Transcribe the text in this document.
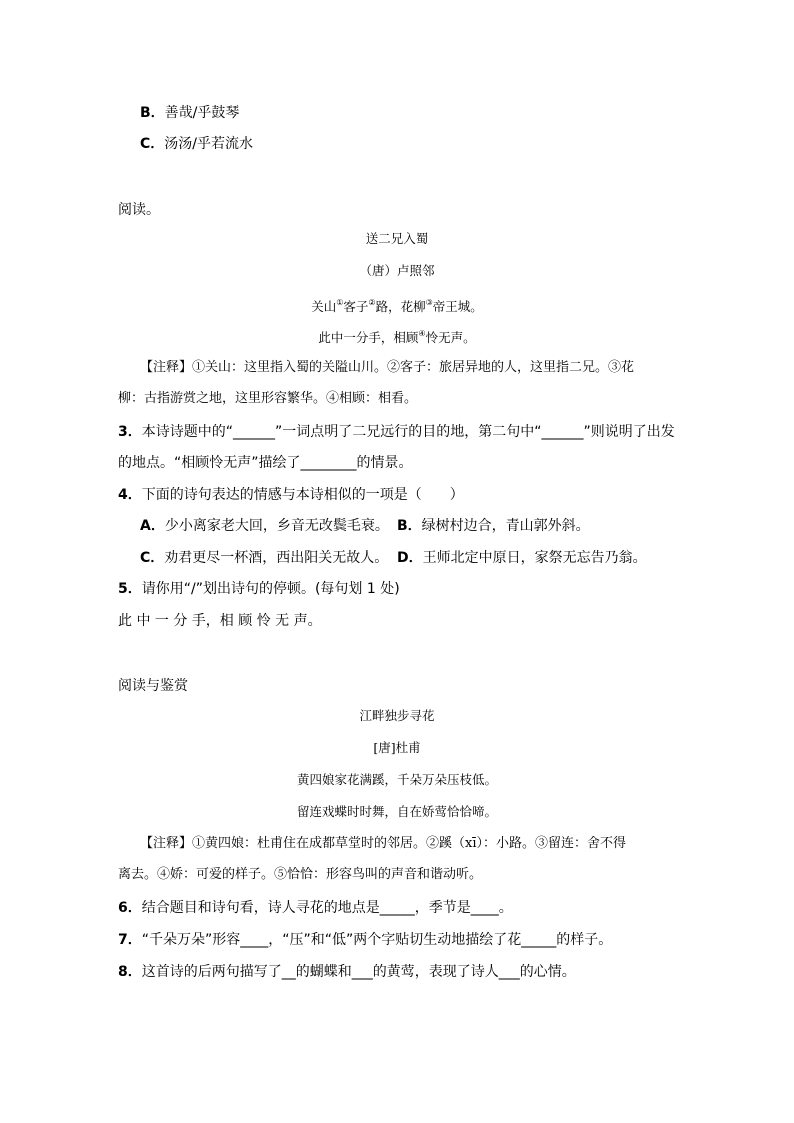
B．善哉/乎鼓琴
C．汤汤/乎若流水
阅读。
送二兄入蜀
（唐）卢照邻
关山①客子②路，花柳③帝王城。
此中一分手，相顾④怜无声。
【注释】①关山：这里指入蜀的关隘山川。②客子：旅居异地的人，这里指二兄。③花
柳：古指游赏之地，这里形容繁华。④相顾：相看。
3．本诗诗题中的“______”一词点明了二兄远行的目的地，第二句中“______”则说明了出发
的地点。“相顾怜无声”描绘了________的情景。
4．下面的诗句表达的情感与本诗相似的一项是（　　）
A．少小离家老大回，乡音无改鬓毛衰。 B．绿树村边合，青山郭外斜。
C．劝君更尽一杯酒，西出阳关无故人。 D．王师北定中原日，家祭无忘告乃翁。
5．请你用“/”划出诗句的停顿。(每句划 1 处)
此 中 一 分 手，相 顾 怜 无 声。
阅读与鉴赏
江畔独步寻花
[唐]杜甫
黄四娘家花满蹊，千朵万朵压枝低。
留连戏蝶时时舞，自在娇莺恰恰啼。
【注释】①黄四娘：杜甫住在成都草堂时的邻居。②蹊（xī）：小路。③留连：舍不得
离去。④娇：可爱的样子。⑤恰恰：形容鸟叫的声音和谐动听。
6．结合题目和诗句看，诗人寻花的地点是_____，季节是____。
7．“千朵万朵”形容____，“压”和“低”两个字贴切生动地描绘了花_____的样子。
8．这首诗的后两句描写了__的蝴蝶和___的黄莺，表现了诗人___的心情。
